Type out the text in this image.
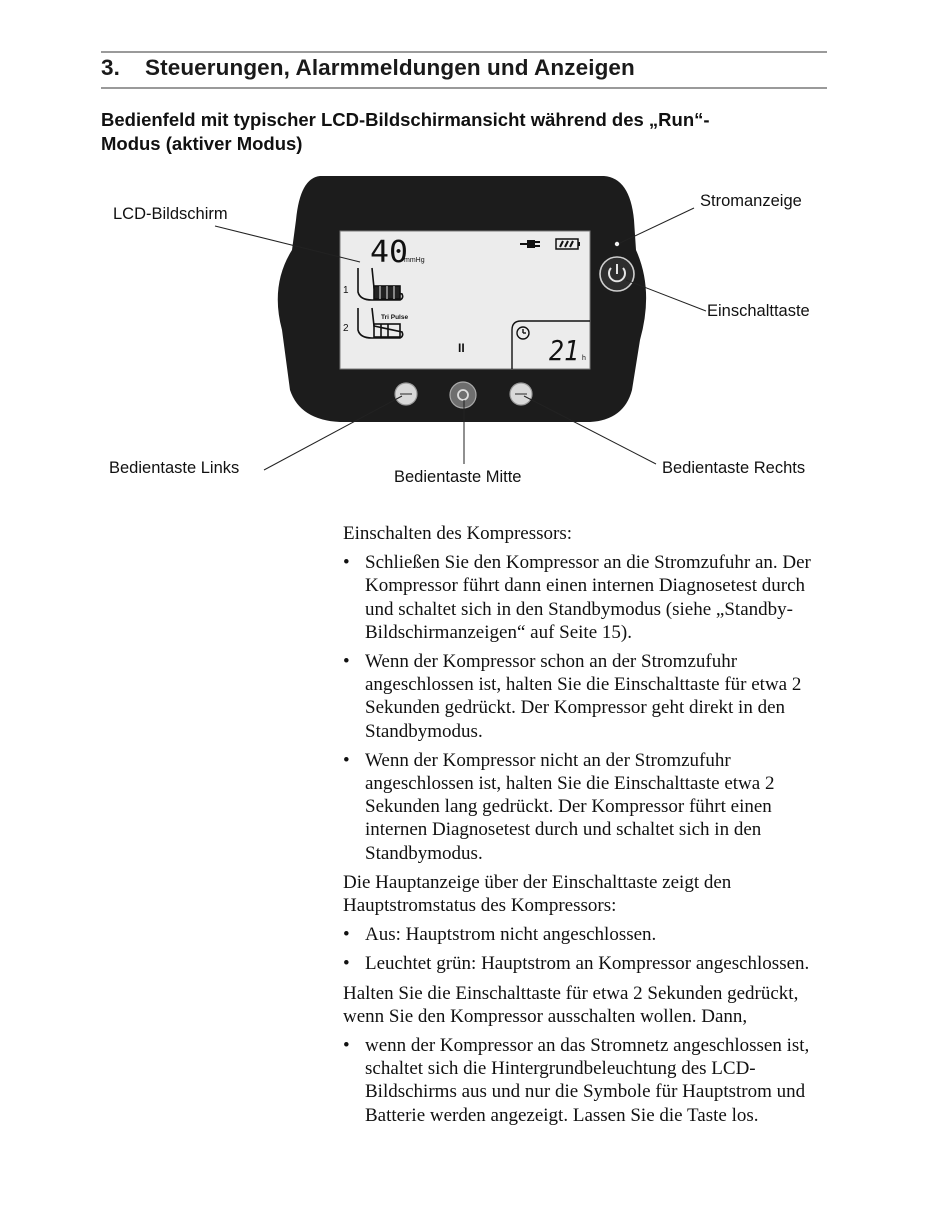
3. Steuerungen, Alarmmeldungen und Anzeigen
Bedienfeld mit typischer LCD-Bildschirmansicht während des „Run“-Modus (aktiver Modus)
40
mmHg
1
2
Tri Pulse
II	21 h
LCD-Bildschirm
Stromanzeige
Einschalttaste
Bedientaste Links	Bedientaste Mitte	Bedientaste Rechts

Einschalten des Kompressors:

• Schließen Sie den Kompressor an die Stromzufuhr an. Der Kompressor führt dann einen internen Diagnosetest durch und schaltet sich in den Standbymodus (siehe „Standby-Bildschirmanzeigen“ auf Seite 15).
• Wenn der Kompressor schon an der Stromzufuhr angeschlossen ist, halten Sie die Einschalttaste für etwa 2 Sekunden gedrückt. Der Kompressor geht direkt in den Standbymodus.
• Wenn der Kompressor nicht an der Stromzufuhr angeschlossen ist, halten Sie die Einschalttaste etwa 2 Sekunden lang gedrückt. Der Kompressor führt einen internen Diagnosetest durch und schaltet sich in den Standbymodus.

Die Hauptanzeige über der Einschalttaste zeigt den Hauptstromstatus des Kompressors:

• Aus: Hauptstrom nicht angeschlossen.
• Leuchtet grün: Hauptstrom an Kompressor angeschlossen.

Halten Sie die Einschalttaste für etwa 2 Sekunden gedrückt, wenn Sie den Kompressor ausschalten wollen. Dann,

• wenn der Kompressor an das Stromnetz angeschlossen ist, schaltet sich die Hintergrundbeleuchtung des LCD-Bildschirms aus und nur die Symbole für Hauptstrom und Batterie werden angezeigt. Lassen Sie die Taste los.
